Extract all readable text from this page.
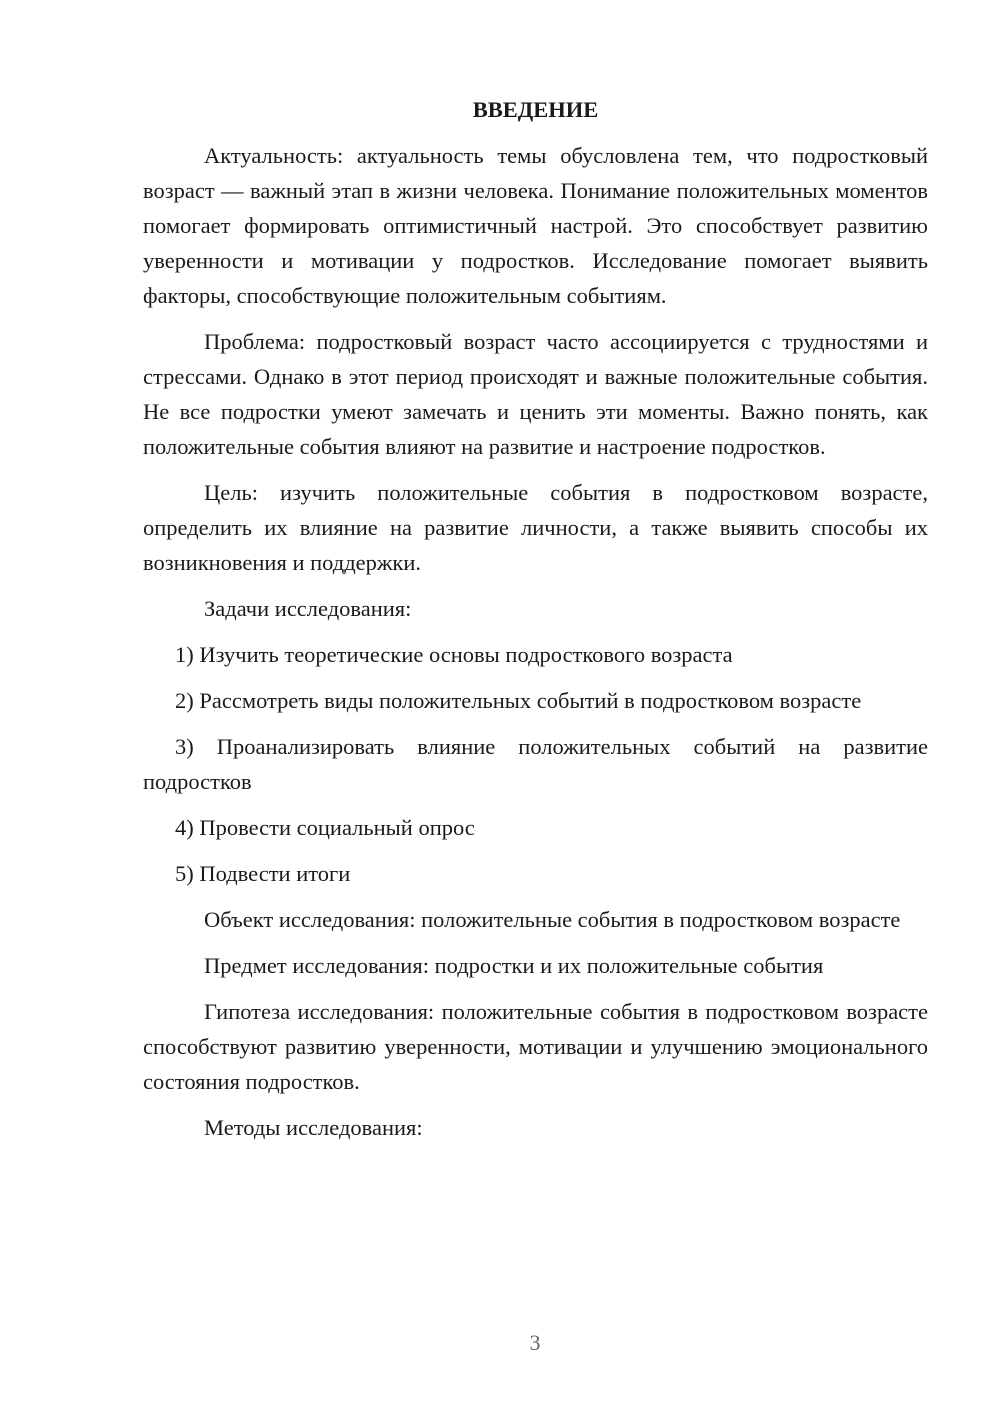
ВВЕДЕНИЕ

Актуальность: актуальность темы обусловлена тем, что подростковый возраст — важный этап в жизни человека. Понимание положительных моментов помогает формировать оптимистичный настрой. Это способствует развитию уверенности и мотивации у подростков. Исследование помогает выявить факторы, способствующие положительным событиям.

Проблема: подростковый возраст часто ассоциируется с трудностями и стрессами. Однако в этот период происходят и важные положительные события. Не все подростки умеют замечать и ценить эти моменты. Важно понять, как положительные события влияют на развитие и настроение подростков.

Цель: изучить положительные события в подростковом возрасте, определить их влияние на развитие личности, а также выявить способы их возникновения и поддержки.

Задачи исследования:

1) Изучить теоретические основы подросткового возраста

2) Рассмотреть виды положительных событий в подростковом возрасте

3) Проанализировать влияние положительных событий на развитие подростков

4) Провести социальный опрос

5) Подвести итоги

Объект исследования: положительные события в подростковом возрасте

Предмет исследования: подростки и их положительные события

Гипотеза исследования: положительные события в подростковом возрасте способствуют развитию уверенности, мотивации и улучшению эмоционального состояния подростков.

Методы исследования:

3
